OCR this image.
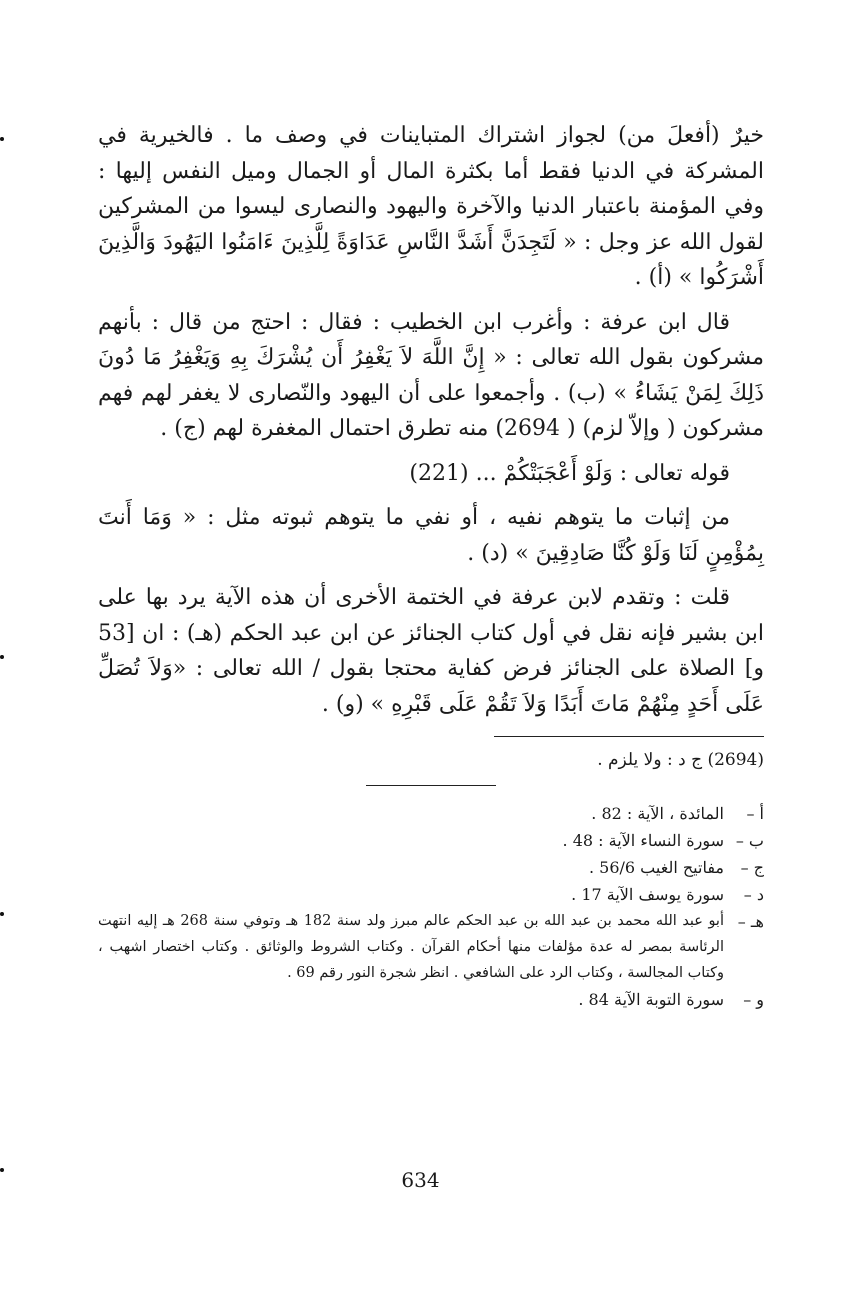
خيرٌ (أفعلَ من) لجواز اشتراك المتباينات في وصف ما . فالخيرية في المشركة في الدنيا فقط أما بكثرة المال أو الجمال وميل النفس إليها : وفي المؤمنة باعتبار الدنيا والآخرة واليهود والنصارى ليسوا من المشركين لقول الله عز وجل : « لَتَجِدَنَّ أَشَدَّ النَّاسِ عَدَاوَةً لِلَّذِينَ ءَامَنُوا اليَهُودَ وَالَّذِينَ أَشْرَكُوا » (أ) .

قال ابن عرفة : وأغرب ابن الخطيب : فقال : احتج من قال : بأنهم مشركون بقول الله تعالى : « إِنَّ اللَّهَ لاَ يَغْفِرُ أَن يُشْرَكَ بِهِ وَيَغْفِرُ مَا دُونَ ذَلِكَ لِمَنْ يَشَاءُ » (ب) . وأجمعوا على أن اليهود والنّصارى لا يغفر لهم فهم مشركون ( وإلاّ لزم) ( 2694) منه تطرق احتمال المغفرة لهم (ج) .

قوله تعالى : وَلَوْ أَعْجَبَتْكُمْ ... (221)

من إثبات ما يتوهم نفيه ، أو نفي ما يتوهم ثبوته مثل : « وَمَا أَنتَ بِمُؤْمِنٍ لَنَا وَلَوْ كُنَّا صَادِقِينَ » (د) .

قلت : وتقدم لابن عرفة في الختمة الأخرى أن هذه الآية يرد بها على ابن بشير فإنه نقل في أول كتاب الجنائز عن ابن عبد الحكم (هـ) : ان [53 و] الصلاة على الجنائز فرض كفاية محتجا بقول / الله تعالى : «وَلاَ تُصَلِّ عَلَى أَحَدٍ مِنْهُمْ مَاتَ أَبَدًا وَلاَ تَقُمْ عَلَى قَبْرِهِ » (و) .

(2694) ج د : ولا يلزم .

أ –
المائدة ، الآية : 82 .
ب –
سورة النساء الآية : 48 .
ج –
مفاتيح الغيب 56/6 .
د –
سورة يوسف الآية 17 .
هـ –
أبو عبد الله محمد بن عبد الله بن عبد الحكم عالم مبرز ولد سنة 182 هـ وتوفي سنة 268 هـ إليه انتهت الرئاسة بمصر له عدة مؤلفات منها أحكام القرآن . وكتاب الشروط والوثائق . وكتاب اختصار اشهب ، وكتاب المجالسة ، وكتاب الرد على الشافعي . انظر شجرة النور رقم 69 .
و –
سورة التوبة الآية 84 .
634
